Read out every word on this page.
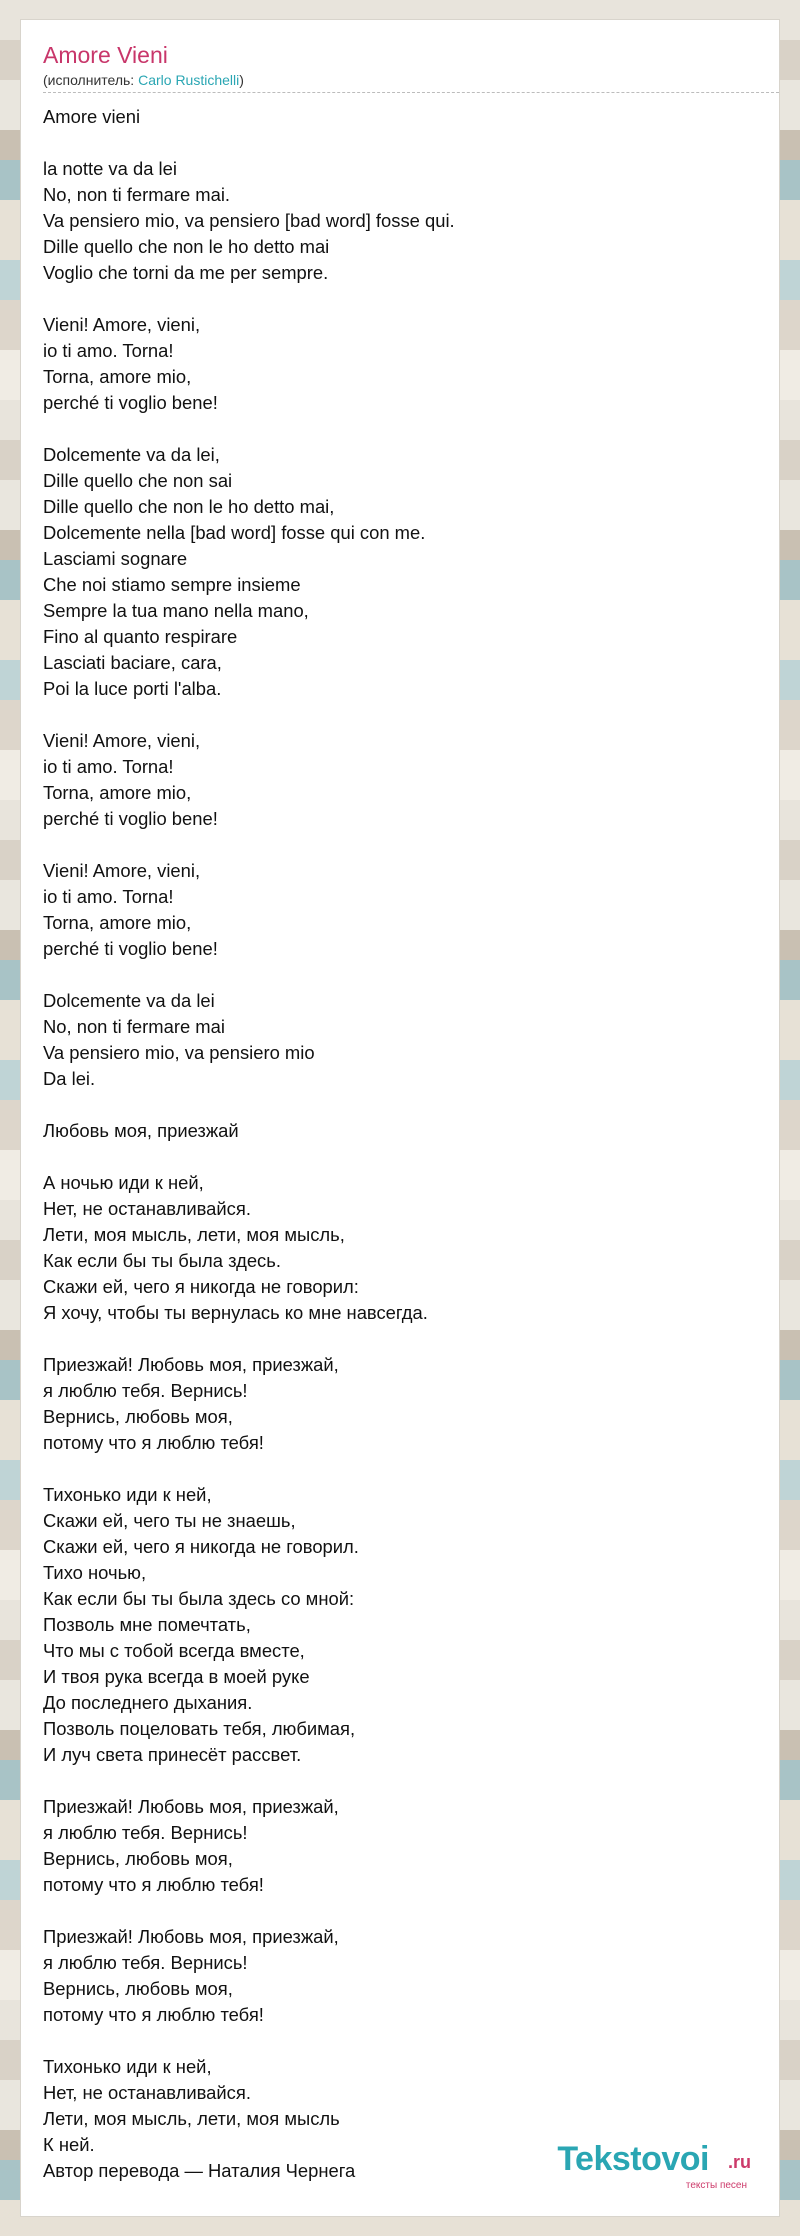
Amore Vieni
(исполнитель: Carlo Rustichelli)
Amore vieni
la notte va da lei
No, non ti fermare mai.
Va pensiero mio, va pensiero [bad word] fosse qui.
Dille quello che non le ho detto mai
Voglio che torni da me per sempre.
Vieni! Amore, vieni,
io ti amo. Torna!
Torna, amore mio,
perché ti voglio bene!
Dolcemente va da lei,
Dille quello che non sai
Dille quello che non le ho detto mai,
Dolcemente nella [bad word] fosse qui con me.
Lasciami sognare
Che noi stiamo sempre insieme
Sempre la tua mano nella mano,
Fino al quanto respirare
Lasciati baciare, cara,
Poi la luce porti l'alba.
Vieni! Amore, vieni,
io ti amo. Torna!
Torna, amore mio,
perché ti voglio bene!
Vieni! Amore, vieni,
io ti amo. Torna!
Torna, amore mio,
perché ti voglio bene!
Dolcemente va da lei
No, non ti fermare mai
Va pensiero mio, va pensiero mio
Da lei.
Любовь моя, приезжай
А ночью иди к ней,
Нет, не останавливайся.
Лети, моя мысль, лети, моя мысль,
Как если бы ты была здесь.
Скажи ей, чего я никогда не говорил:
Я хочу, чтобы ты вернулась ко мне навсегда.
Приезжай! Любовь моя, приезжай,
я люблю тебя. Вернись!
Вернись, любовь моя,
потому что я люблю тебя!
Тихонько иди к ней,
Скажи ей, чего ты не знаешь,
Скажи ей, чего я никогда не говорил.
Тихо ночью,
Как если бы ты была здесь со мной:
Позволь мне помечтать,
Что мы с тобой всегда вместе,
И твоя рука всегда в моей руке
До последнего дыхания.
Позволь поцеловать тебя, любимая,
И луч света принесёт рассвет.
Приезжай! Любовь моя, приезжай,
я люблю тебя. Вернись!
Вернись, любовь моя,
потому что я люблю тебя!
Приезжай! Любовь моя, приезжай,
я люблю тебя. Вернись!
Вернись, любовь моя,
потому что я люблю тебя!
Тихонько иди к ней,
Нет, не останавливайся.
Лети, моя мысль, лети, моя мысль
К ней.
Автор перевода — Наталия Чернега	Tekstovoi .ru
тексты песен
